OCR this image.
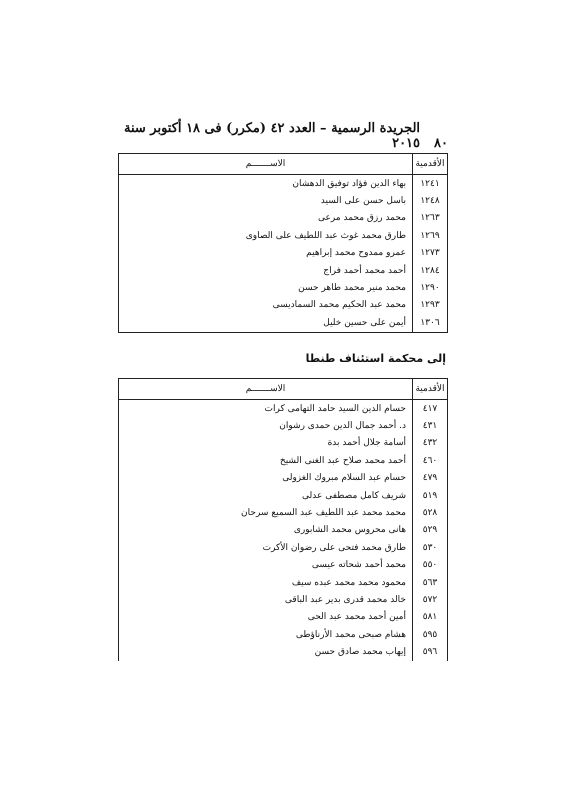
٨٠
الجريدة الرسمية – العدد ٤٢ (مكرر) فى ١٨ أكتوبر سنة ٢٠١٥
الأقدمية	الاســـــــم
١٢٤١	بهاء الدين فؤاد توفيق الدهشان
١٢٤٨	باسل حسن على السيد
١٢٦٣	محمد رزق محمد مرعى
١٢٦٩	طارق محمد غوث عبد اللطيف على الصاوى
١٢٧٣	عمرو ممدوح محمد إبراهيم
١٢٨٤	أحمد محمد أحمد فراج
١٢٩٠	محمد منير محمد طاهر حسن
١٢٩٣	محمد عبد الحكيم محمد السماديسى
١٣٠٦	أيمن على حسين خليل
إلى محكمة استئناف طنطا
الأقدمية	الاســـــــم
٤١٧	حسام الدين السيد حامد التهامى كرات
٤٣١	د. أحمد جمال الدين حمدى رشوان
٤٣٢	أسامة جلال أحمد بدة
٤٦٠	أحمد محمد صلاح عبد الغنى الشيخ
٤٧٩	حسام عبد السلام مبروك الغزولى
٥١٩	شريف كامل مصطفى عدلى
٥٢٨	محمد محمد عبد اللطيف عبد السميع سرحان
٥٢٩	هانى محروس محمد الشابورى
٥٣٠	طارق محمد فتحى على رضوان الأكرت
٥٥٠	محمد أحمد شحاته عيسى
٥٦٣	محمود محمد محمد عبده سيف
٥٧٢	خالد محمد قدرى بدير عبد الباقى
٥٨١	أمين أحمد محمد عبد الحى
٥٩٥	هشام صبحى محمد الأرناؤطى
٥٩٦	إيهاب محمد صادق حسن
